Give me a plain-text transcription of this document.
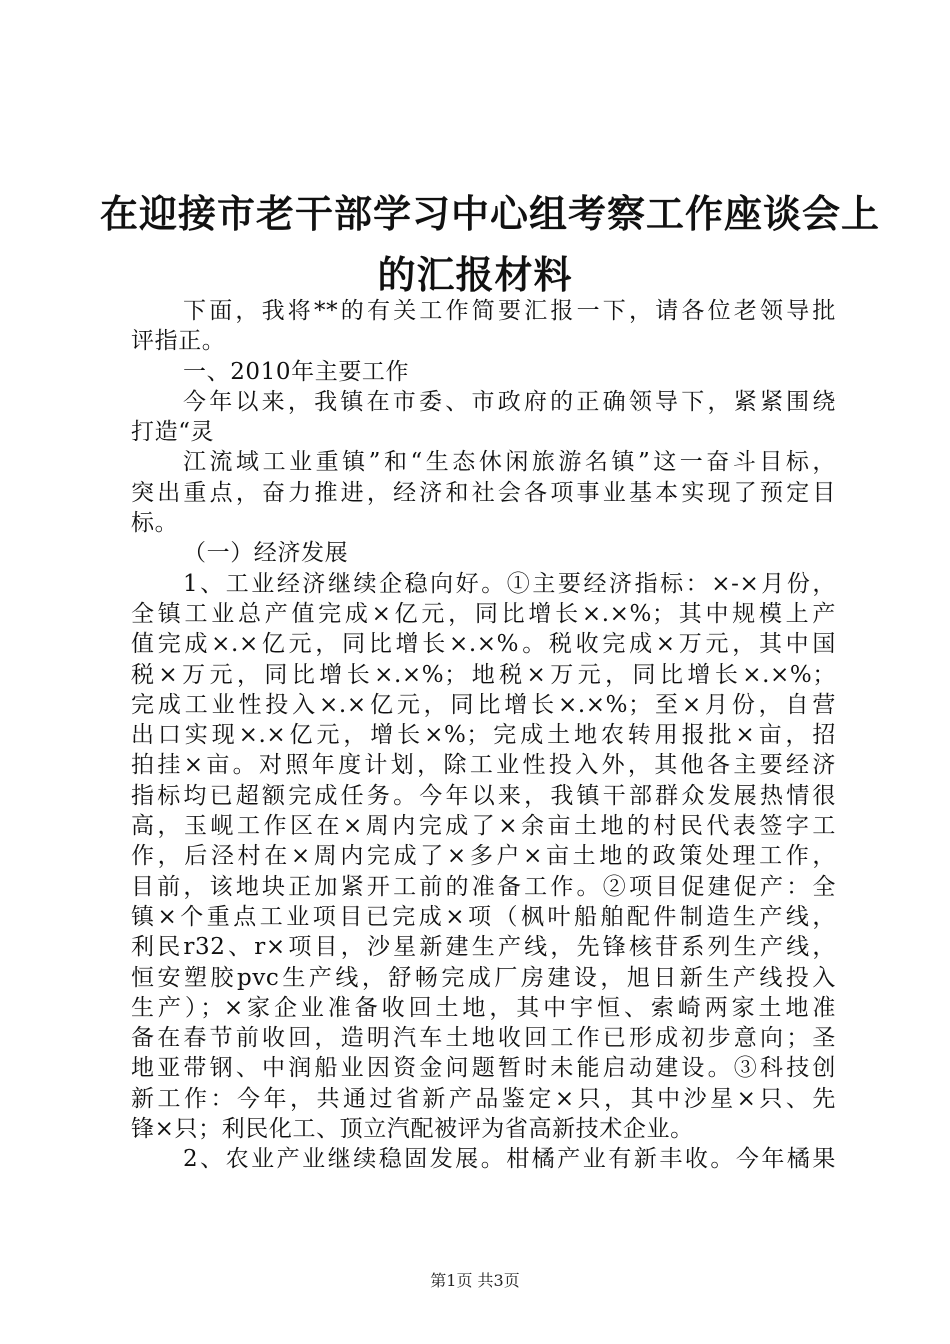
在迎接市老干部学习中心组考察工作座谈会上
的汇报材料
下面，我将**的有关工作简要汇报一下，请各位老领导批
评指正。
一、2010年主要工作
今年以来，我镇在市委、市政府的正确领导下，紧紧围绕
打造“灵
江流域工业重镇”和“生态休闲旅游名镇”这一奋斗目标，
突出重点，奋力推进，经济和社会各项事业基本实现了预定目
标。
（一）经济发展
1、工业经济继续企稳向好。①主要经济指标：×-×月份，
全镇工业总产值完成×亿元，同比增长×.×%；其中规模上产
值完成×.×亿元，同比增长×.×%。税收完成×万元，其中国
税×万元，同比增长×.×%；地税×万元，同比增长×.×%；
完成工业性投入×.×亿元，同比增长×.×%；至×月份，自营
出口实现×.×亿元，增长×%；完成土地农转用报批×亩，招
拍挂×亩。对照年度计划，除工业性投入外，其他各主要经济
指标均已超额完成任务。今年以来，我镇干部群众发展热情很
高，玉岘工作区在×周内完成了×余亩土地的村民代表签字工
作，后泾村在×周内完成了×多户×亩土地的政策处理工作，
目前，该地块正加紧开工前的准备工作。②项目促建促产：全
镇×个重点工业项目已完成×项（枫叶船舶配件制造生产线，
利民r32、r×项目，沙星新建生产线，先锋核苷系列生产线，
恒安塑胶pvc生产线，舒畅完成厂房建设，旭日新生产线投入
生产）；×家企业准备收回土地，其中宇恒、索崎两家土地准
备在春节前收回，造明汽车土地收回工作已形成初步意向；圣
地亚带钢、中润船业因资金问题暂时未能启动建设。③科技创
新工作：今年，共通过省新产品鉴定×只，其中沙星×只、先
锋×只；利民化工、顶立汽配被评为省高新技术企业。
2、农业产业继续稳固发展。柑橘产业有新丰收。今年橘果
第1页 共3页
